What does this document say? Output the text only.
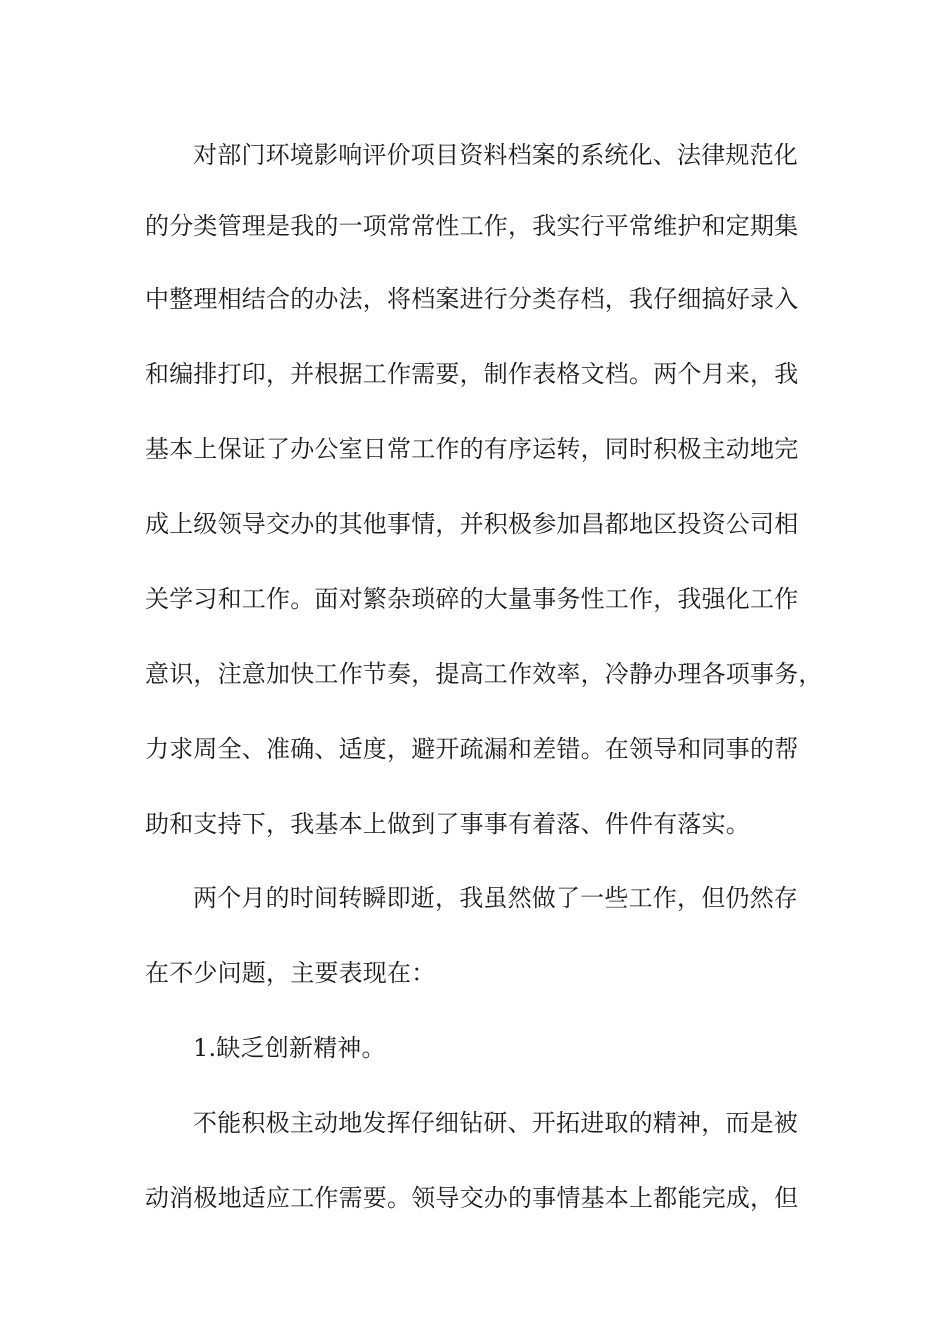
对部门环境影响评价项目资料档案的系统化、法律规范化
的分类管理是我的一项常常性工作，我实行平常维护和定期集
中整理相结合的办法，将档案进行分类存档，我仔细搞好录入
和编排打印，并根据工作需要，制作表格文档。两个月来，我
基本上保证了办公室日常工作的有序运转，同时积极主动地完
成上级领导交办的其他事情，并积极参加昌都地区投资公司相
关学习和工作。面对繁杂琐碎的大量事务性工作，我强化工作
意识，注意加快工作节奏，提高工作效率，冷静办理各项事务，
力求周全、准确、适度，避开疏漏和差错。在领导和同事的帮
助和支持下，我基本上做到了事事有着落、件件有落实。
两个月的时间转瞬即逝，我虽然做了一些工作，但仍然存
在不少问题，主要表现在：
1.缺乏创新精神。
不能积极主动地发挥仔细钻研、开拓进取的精神，而是被
动消极地适应工作需要。领导交办的事情基本上都能完成，但
